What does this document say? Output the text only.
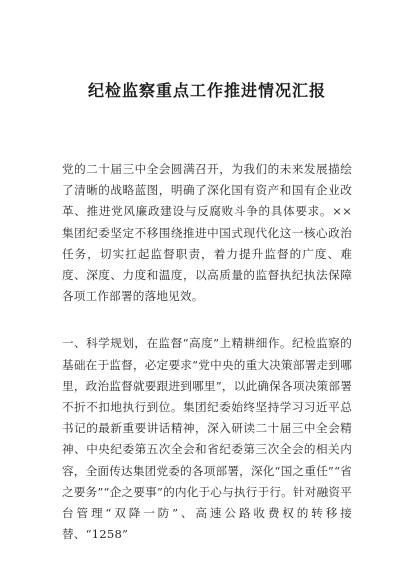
纪检监察重点工作推进情况汇报

党的二十届三中全会圆满召开，为我们的未来发展描绘了清晰的战略蓝图，明确了深化国有资产和国有企业改革、推进党风廉政建设与反腐败斗争的具体要求。××集团纪委坚定不移围绕推进中国式现代化这一核心政治任务，切实扛起监督职责，着力提升监督的广度、难度、深度、力度和温度，以高质量的监督执纪执法保障各项工作部署的落地见效。

一、科学规划，在监督“高度”上精耕细作。纪检监察的基础在于监督，必定要求“党中央的重大决策部署走到哪里，政治监督就要跟进到哪里”，以此确保各项决策部署不折不扣地执行到位。集团纪委始终坚持学习习近平总书记的最新重要讲话精神，深入研读二十届三中全会精神、中央纪委第五次全会和省纪委第三次全会的相关内容，全面传达集团党委的各项部署，深化“国之重任”“省之要务”“企之要事”的内化于心与执行于行。针对融资平台管理“双降一防”、高速公路收费权的转移接替、“1258”
